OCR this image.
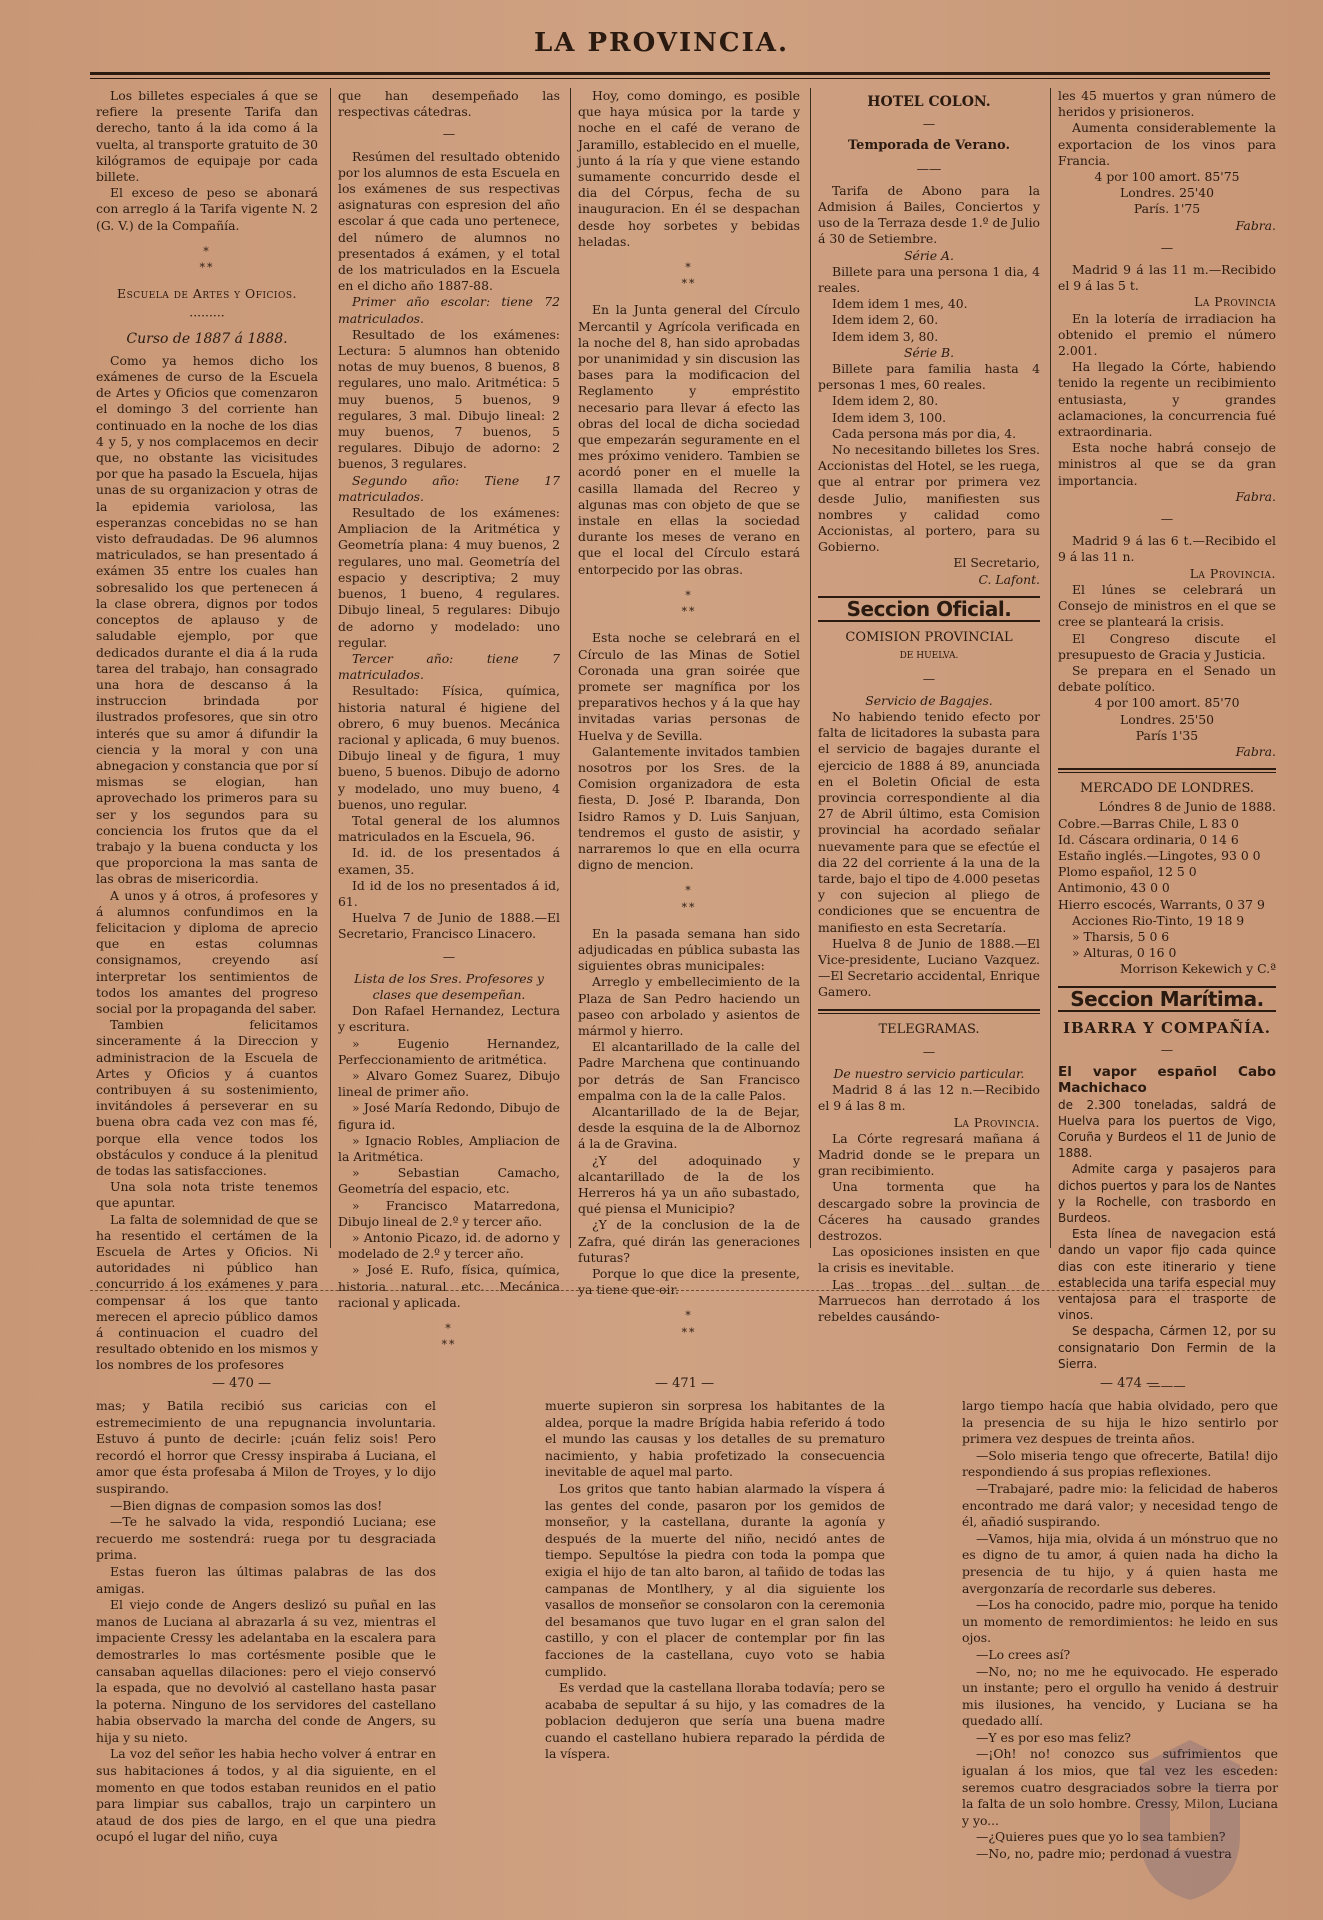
LA PROVINCIA.

Los billetes especiales á que se refiere la presente Tarifa dan derecho, tanto á la ida como á la vuelta, al transporte gratuito de 30 kilógramos de equipaje por cada billete.

El exceso de peso se abonará con arreglo á la Tarifa vigente N. 2 (G. V.) de la Compañía.

*
**

Escuela de Artes y Oficios.

·········

Curso de 1887 á 1888.

Como ya hemos dicho los exámenes de curso de la Escuela de Artes y Oficios que comenzaron el domingo 3 del corriente han continuado en la noche de los dias 4 y 5, y nos complacemos en decir que, no obstante las vicisitudes por que ha pasado la Escuela, hijas unas de su organizacion y otras de la epidemia variolosa, las esperanzas concebidas no se han visto defraudadas. De 96 alumnos matriculados, se han presentado á exámen 35 entre los cuales han sobresalido los que pertenecen á la clase obrera, dignos por todos conceptos de aplauso y de saludable ejemplo, por que dedicados durante el dia á la ruda tarea del trabajo, han consagrado una hora de descanso á la instruccion brindada por ilustrados profesores, que sin otro interés que su amor á difundir la ciencia y la moral y con una abnegacion y constancia que por sí mismas se elogian, han aprovechado los primeros para su ser y los segundos para su conciencia los frutos que da el trabajo y la buena conducta y los que proporciona la mas santa de las obras de misericordia.

A unos y á otros, á profesores y á alumnos confundimos en la felicitacion y diploma de aprecio que en estas columnas consignamos, creyendo así interpretar los sentimientos de todos los amantes del progreso social por la propaganda del saber.

Tambien felicitamos sinceramente á la Direccion y administracion de la Escuela de Artes y Oficios y á cuantos contribuyen á su sostenimiento, invitándoles á perseverar en su buena obra cada vez con mas fé, porque ella vence todos los obstáculos y conduce á la plenitud de todas las satisfacciones.

Una sola nota triste tenemos que apuntar.

La falta de solemnidad de que se ha resentido el certámen de la Escuela de Artes y Oficios. Ni autoridades ni público han concurrido á los exámenes y para compensar á los que tanto merecen el aprecio público damos á continuacion el cuadro del resultado obtenido en los mismos y los nombres de los profesores

que han desempeñado las respectivas cátedras.

—

Resúmen del resultado obtenido por los alumnos de esta Escuela en los exámenes de sus respectivas asignaturas con espresion del año escolar á que cada uno pertenece, del número de alumnos no presentados á exámen, y el total de los matriculados en la Escuela en el dicho año 1887-88.

Primer año escolar: tiene 72 matriculados.

Resultado de los exámenes: Lectura: 5 alumnos han obtenido notas de muy buenos, 8 buenos, 8 regulares, uno malo. Aritmética: 5 muy buenos, 5 buenos, 9 regulares, 3 mal. Dibujo lineal: 2 muy buenos, 7 buenos, 5 regulares. Dibujo de adorno: 2 buenos, 3 regulares.

Segundo año: Tiene 17 matriculados.

Resultado de los exámenes: Ampliacion de la Aritmética y Geometría plana: 4 muy buenos, 2 regulares, uno mal. Geometría del espacio y descriptiva; 2 muy buenos, 1 bueno, 4 regulares. Dibujo lineal, 5 regulares: Dibujo de adorno y modelado: uno regular.

Tercer año: tiene 7 matriculados.

Resultado: Física, química, historia natural é higiene del obrero, 6 muy buenos. Mecánica racional y aplicada, 6 muy buenos. Dibujo lineal y de figura, 1 muy bueno, 5 buenos. Dibujo de adorno y modelado, uno muy bueno, 4 buenos, uno regular.

Total general de los alumnos matriculados en la Escuela, 96.

Id. id. de los presentados á examen, 35.

Id id de los no presentados á id, 61.

Huelva 7 de Junio de 1888.—El Secretario, Francisco Linacero.

—

Lista de los Sres. Profesores y clases que desempeñan.

Don Rafael Hernandez, Lectura y escritura.

» Eugenio Hernandez, Perfeccionamiento de aritmética.

» Alvaro Gomez Suarez, Dibujo lineal de primer año.

» José María Redondo, Dibujo de figura id.

» Ignacio Robles, Ampliacion de la Aritmética.

» Sebastian Camacho, Geometría del espacio, etc.

» Francisco Matarredona, Dibujo lineal de 2.º y tercer año.

» Antonio Picazo, id. de adorno y modelado de 2.º y tercer año.

» José E. Rufo, física, química, historia natural etc. Mecánica racional y aplicada.

*
**

Hoy, como domingo, es posible que haya música por la tarde y noche en el café de verano de Jaramillo, establecido en el muelle, junto á la ría y que viene estando sumamente concurrido desde el dia del Córpus, fecha de su inauguracion. En él se despachan desde hoy sorbetes y bebidas heladas.

*
**

En la Junta general del Círculo Mercantil y Agrícola verificada en la noche del 8, han sido aprobadas por unanimidad y sin discusion las bases para la modificacion del Reglamento y empréstito necesario para llevar á efecto las obras del local de dicha sociedad que empezarán seguramente en el mes próximo venidero. Tambien se acordó poner en el muelle la casilla llamada del Recreo y algunas mas con objeto de que se instale en ellas la sociedad durante los meses de verano en que el local del Círculo estará entorpecido por las obras.

*
**

Esta noche se celebrará en el Círculo de las Minas de Sotiel Coronada una gran soirée que promete ser magnífica por los preparativos hechos y á la que hay invitadas varias personas de Huelva y de Sevilla.

Galantemente invitados tambien nosotros por los Sres. de la Comision organizadora de esta fiesta, D. José P. Ibaranda, Don Isidro Ramos y D. Luis Sanjuan, tendremos el gusto de asistir, y narraremos lo que en ella ocurra digno de mencion.

*
**

En la pasada semana han sido adjudicadas en pública subasta las siguientes obras municipales:

Arreglo y embellecimiento de la Plaza de San Pedro haciendo un paseo con arbolado y asientos de mármol y hierro.

El alcantarillado de la calle del Padre Marchena que continuando por detrás de San Francisco empalma con la de la calle Palos.

Alcantarillado de la de Bejar, desde la esquina de la de Albornoz á la de Gravina.

¿Y del adoquinado y alcantarillado de la de los Herreros há ya un año subastado, qué piensa el Municipio?

¿Y de la conclusion de la de Zafra, qué dirán las generaciones futuras?

Porque lo que dice la presente, ya tiene que oir.

*
**

HOTEL COLON.

—

Temporada de Verano.

——

Tarifa de Abono para la Admision á Bailes, Conciertos y uso de la Terraza desde 1.º de Julio á 30 de Setiembre.

Série A.

Billete para una persona 1 dia, 4 reales.

Idem idem 1 mes, 40.

Idem idem 2, 60.

Idem idem 3, 80.

Série B.

Billete para familia hasta 4 personas 1 mes, 60 reales.

Idem idem 2, 80.

Idem idem 3, 100.

Cada persona más por dia, 4.

No necesitando billetes los Sres. Accionistas del Hotel, se les ruega, que al entrar por primera vez desde Julio, manifiesten sus nombres y calidad como Accionistas, al portero, para su Gobierno.

El Secretario,

C. Lafont.

Seccion Oficial.

COMISION PROVINCIAL

DE HUELVA.

—

Servicio de Bagajes.

No habiendo tenido efecto por falta de licitadores la subasta para el servicio de bagajes durante el ejercicio de 1888 á 89, anunciada en el Boletin Oficial de esta provincia correspondiente al dia 27 de Abril último, esta Comision provincial ha acordado señalar nuevamente para que se efectúe el dia 22 del corriente á la una de la tarde, bajo el tipo de 4.000 pesetas y con sujecion al pliego de condiciones que se encuentra de manifiesto en esta Secretaría.

Huelva 8 de Junio de 1888.—El Vice-presidente, Luciano Vazquez.—El Secretario accidental, Enrique Gamero.

TELEGRAMAS.

—

De nuestro servicio particular.

Madrid 8 á las 12 n.—Recibido el 9 á las 8 m.

La Provincia.

La Córte regresará mañana á Madrid donde se le prepara un gran recibimiento.

Una tormenta que ha descargado sobre la provincia de Cáceres ha causado grandes destrozos.

Las oposiciones insisten en que la crisis es inevitable.

Las tropas del sultan de Marruecos han derrotado á los rebeldes causándo-

les 45 muertos y gran número de heridos y prisioneros.

Aumenta considerablemente la exportacion de los vinos para Francia.

4 por 100 amort. 85'75

Londres. 25'40

París. 1'75

Fabra.

—

Madrid 9 á las 11 m.—Recibido el 9 á las 5 t.

La Provincia

En la lotería de irradiacion ha obtenido el premio el número 2.001.

Ha llegado la Córte, habiendo tenido la regente un recibimiento entusiasta, y grandes aclamaciones, la concurrencia fué extraordinaria.

Esta noche habrá consejo de ministros al que se da gran importancia.

Fabra.

—

Madrid 9 á las 6 t.—Recibido el 9 á las 11 n.

La Provincia.

El lúnes se celebrará un Consejo de ministros en el que se cree se planteará la crisis.

El Congreso discute el presupuesto de Gracia y Justicia.

Se prepara en el Senado un debate político.

4 por 100 amort. 85'70

Londres. 25'50

París 1'35

Fabra.

MERCADO DE LONDRES.

Lóndres 8 de Junio de 1888.

Cobre.—Barras Chile, L 83 0

Id. Cáscara ordinaria, 0 14 6

Estaño inglés.—Lingotes, 93 0 0

Plomo español, 12 5 0

Antimonio, 43 0 0

Hierro escocés, Warrants, 0 37 9

Acciones Rio-Tinto, 19 18 9

» Tharsis, 5 0 6

» Alturas, 0 16 0

Morrison Kekewich y C.ª

Seccion Marítima.

IBARRA Y COMPAÑÍA.

—

El vapor español Cabo Machichaco

de 2.300 toneladas, saldrá de Huelva para los puertos de Vigo, Coruña y Burdeos el 11 de Junio de 1888.

Admite carga y pasajeros para dichos puertos y para los de Nantes y la Rochelle, con trasbordo en Burdeos.

Esta línea de navegacion está dando un vapor fijo cada quince dias con este itinerario y tiene establecida una tarifa especial muy ventajosa para el trasporte de vinos.

Se despacha, Cármen 12, por su consignatario Don Fermin de la Sierra.

———
— 470 —	— 471 —	— 474 —

mas; y Batila recibió sus caricias con el estremecimiento de una repugnancia involuntaria. Estuvo á punto de decirle: ¡cuán feliz sois! Pero recordó el horror que Cressy inspiraba á Luciana, el amor que ésta profesaba á Milon de Troyes, y lo dijo suspirando.

—Bien dignas de compasion somos las dos!

—Te he salvado la vida, respondió Luciana; ese recuerdo me sostendrá: ruega por tu desgraciada prima.

Estas fueron las últimas palabras de las dos amigas.

El viejo conde de Angers deslizó su puñal en las manos de Luciana al abrazarla á su vez, mientras el impaciente Cressy les adelantaba en la escalera para demostrarles lo mas cortésmente posible que le cansaban aquellas dilaciones: pero el viejo conservó la espada, que no devolvió al castellano hasta pasar la poterna. Ninguno de los servidores del castellano habia observado la marcha del conde de Angers, su hija y su nieto.

La voz del señor les habia hecho volver á entrar en sus habitaciones á todos, y al dia siguiente, en el momento en que todos estaban reunidos en el patio para limpiar sus caballos, trajo un carpintero un ataud de dos pies de largo, en el que una piedra ocupó el lugar del niño, cuya

muerte supieron sin sorpresa los habitantes de la aldea, porque la madre Brígida habia referido á todo el mundo las causas y los detalles de su prematuro nacimiento, y habia profetizado la consecuencia inevitable de aquel mal parto.

Los gritos que tanto habian alarmado la víspera á las gentes del conde, pasaron por los gemidos de monseñor, y la castellana, durante la agonía y después de la muerte del niño, necidó antes de tiempo. Sepultóse la piedra con toda la pompa que exigia el hijo de tan alto baron, al tañido de todas las campanas de Montlhery, y al dia siguiente los vasallos de monseñor se consolaron con la ceremonia del besamanos que tuvo lugar en el gran salon del castillo, y con el placer de contemplar por fin las facciones de la castellana, cuyo voto se habia cumplido.

Es verdad que la castellana lloraba todavía; pero se acababa de sepultar á su hijo, y las comadres de la poblacion dedujeron que sería una buena madre cuando el castellano hubiera reparado la pérdida de la víspera.

largo tiempo hacía que habia olvidado, pero que la presencia de su hija le hizo sentirlo por primera vez despues de treinta años.

—Solo miseria tengo que ofrecerte, Batila! dijo respondiendo á sus propias reflexiones.

—Trabajaré, padre mio: la felicidad de haberos encontrado me dará valor; y necesidad tengo de él, añadió suspirando.

—Vamos, hija mia, olvida á un mónstruo que no es digno de tu amor, á quien nada ha dicho la presencia de tu hijo, y á quien hasta me avergonzaría de recordarle sus deberes.

—Los ha conocido, padre mio, porque ha tenido un momento de remordimientos: he leido en sus ojos.

—Lo crees así?

—No, no; no me he equivocado. He esperado un instante; pero el orgullo ha venido á destruir mis ilusiones, ha vencido, y Luciana se ha quedado allí.

—Y es por eso mas feliz?

—¡Oh! no! conozco sus sufrimientos que igualan á los mios, que tal vez les esceden: seremos cuatro desgraciados sobre la tierra por la falta de un solo hombre. Cressy, Milon, Luciana y yo...

—¿Quieres pues que yo lo sea tambien?

—No, no, padre mio; perdonad á vuestra
